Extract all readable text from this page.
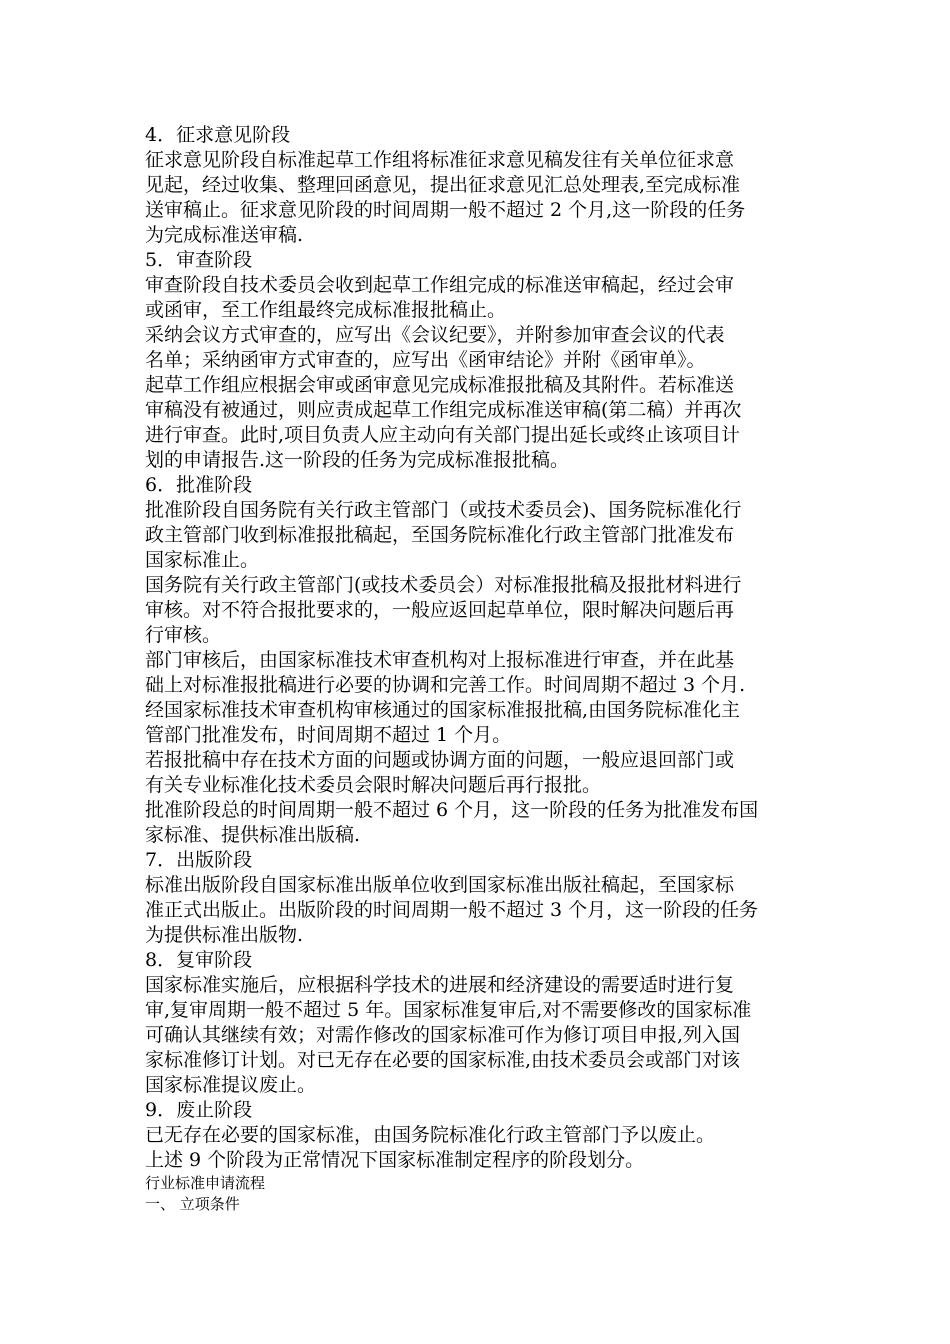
4．征求意见阶段
征求意见阶段自标准起草工作组将标准征求意见稿发往有关单位征求意
见起，经过收集、整理回函意见，提出征求意见汇总处理表,至完成标准
送审稿止。征求意见阶段的时间周期一般不超过 2 个月,这一阶段的任务
为完成标准送审稿.
5．审查阶段
审查阶段自技术委员会收到起草工作组完成的标准送审稿起，经过会审
或函审，至工作组最终完成标准报批稿止。
采纳会议方式审查的，应写出《会议纪要》，并附参加审查会议的代表
名单；采纳函审方式审查的，应写出《函审结论》并附《函审单》。
起草工作组应根据会审或函审意见完成标准报批稿及其附件。若标准送
审稿没有被通过，则应责成起草工作组完成标准送审稿(第二稿）并再次
进行审查。此时,项目负责人应主动向有关部门提出延长或终止该项目计
划的申请报告.这一阶段的任务为完成标准报批稿。
6．批准阶段
批准阶段自国务院有关行政主管部门（或技术委员会)、国务院标准化行
政主管部门收到标准报批稿起，至国务院标准化行政主管部门批准发布
国家标准止。
国务院有关行政主管部门(或技术委员会）对标准报批稿及报批材料进行
审核。对不符合报批要求的，一般应返回起草单位，限时解决问题后再
行审核。
部门审核后，由国家标准技术审查机构对上报标准进行审查，并在此基
础上对标准报批稿进行必要的协调和完善工作。时间周期不超过 3 个月.
经国家标准技术审查机构审核通过的国家标准报批稿,由国务院标准化主
管部门批准发布，时间周期不超过 1 个月。
若报批稿中存在技术方面的问题或协调方面的问题，一般应退回部门或
有关专业标准化技术委员会限时解决问题后再行报批。
批准阶段总的时间周期一般不超过 6 个月，这一阶段的任务为批准发布国
家标准、提供标准出版稿.
7．出版阶段
标准出版阶段自国家标准出版单位收到国家标准出版社稿起，至国家标
准正式出版止。出版阶段的时间周期一般不超过 3 个月，这一阶段的任务
为提供标准出版物.
8．复审阶段
国家标准实施后，应根据科学技术的进展和经济建设的需要适时进行复
审,复审周期一般不超过 5 年。国家标准复审后,对不需要修改的国家标准
可确认其继续有效；对需作修改的国家标准可作为修订项目申报,列入国
家标准修订计划。对已无存在必要的国家标准,由技术委员会或部门对该
国家标准提议废止。
9．废止阶段
已无存在必要的国家标准，由国务院标准化行政主管部门予以废止。
上述 9 个阶段为正常情况下国家标准制定程序的阶段划分。
行业标准申请流程
一、 立项条件
